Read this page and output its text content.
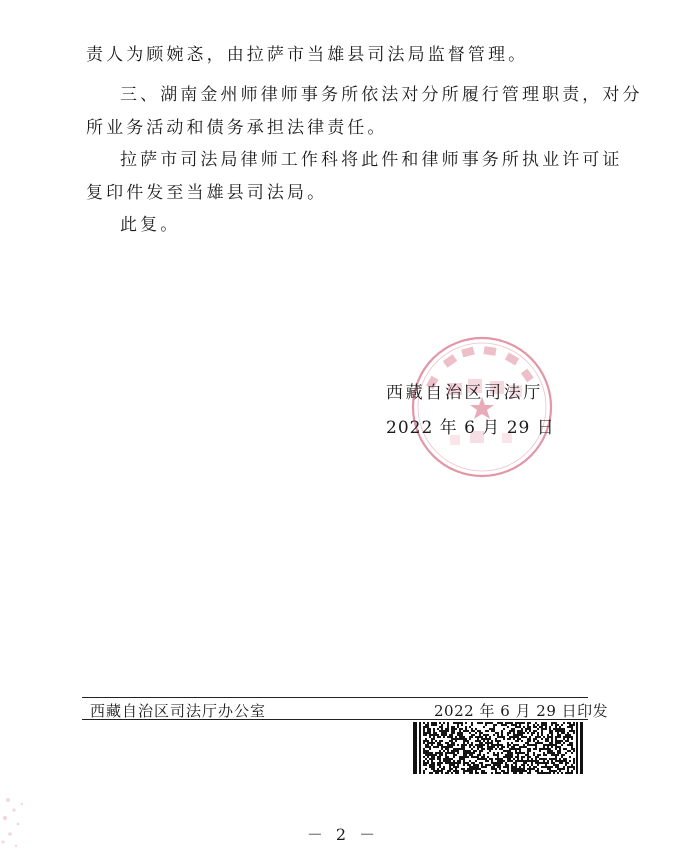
责人为顾婉忞，由拉萨市当雄县司法局监督管理。
三、湖南金州师律师事务所依法对分所履行管理职责，对分
所业务活动和债务承担法律责任。
拉萨市司法局律师工作科将此件和律师事务所执业许可证
复印件发至当雄县司法局。
此复。
西藏自治区司法厅
2022 年 6 月 29 日
西藏自治区司法厅办公室	2022 年 6 月 29 日印发
－ 2 －
